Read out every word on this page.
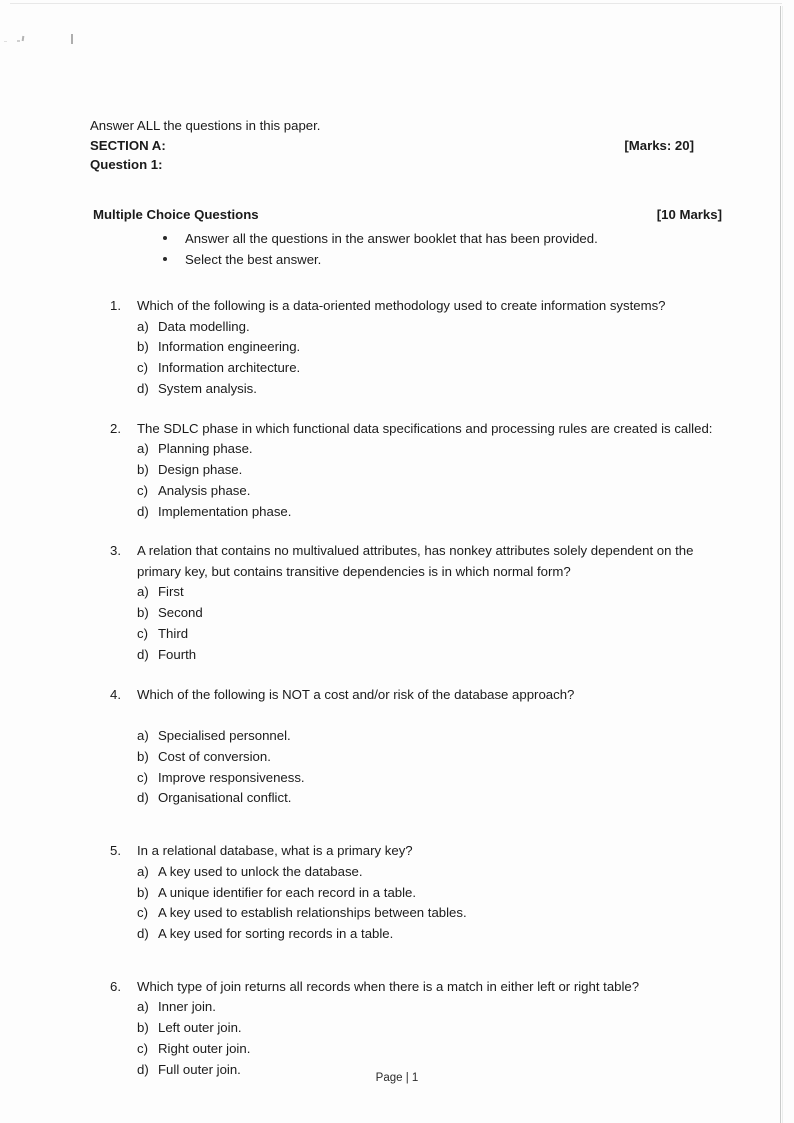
Answer ALL the questions in this paper.
SECTION A:	[Marks: 20]
Question 1:
Multiple Choice Questions	[10 Marks]
Answer all the questions in the answer booklet that has been provided.
Select the best answer.
1. Which of the following is a data-oriented methodology used to create information systems?
a) Data modelling.
b) Information engineering.
c) Information architecture.
d) System analysis.
2. The SDLC phase in which functional data specifications and processing rules are created is called:
a) Planning phase.
b) Design phase.
c) Analysis phase.
d) Implementation phase.
3. A relation that contains no multivalued attributes, has nonkey attributes solely dependent on the primary key, but contains transitive dependencies is in which normal form?
a) First
b) Second
c) Third
d) Fourth
4. Which of the following is NOT a cost and/or risk of the database approach?
a) Specialised personnel.
b) Cost of conversion.
c) Improve responsiveness.
d) Organisational conflict.
5. In a relational database, what is a primary key?
a) A key used to unlock the database.
b) A unique identifier for each record in a table.
c) A key used to establish relationships between tables.
d) A key used for sorting records in a table.
6. Which type of join returns all records when there is a match in either left or right table?
a) Inner join.
b) Left outer join.
c) Right outer join.
d) Full outer join.
Page | 1
